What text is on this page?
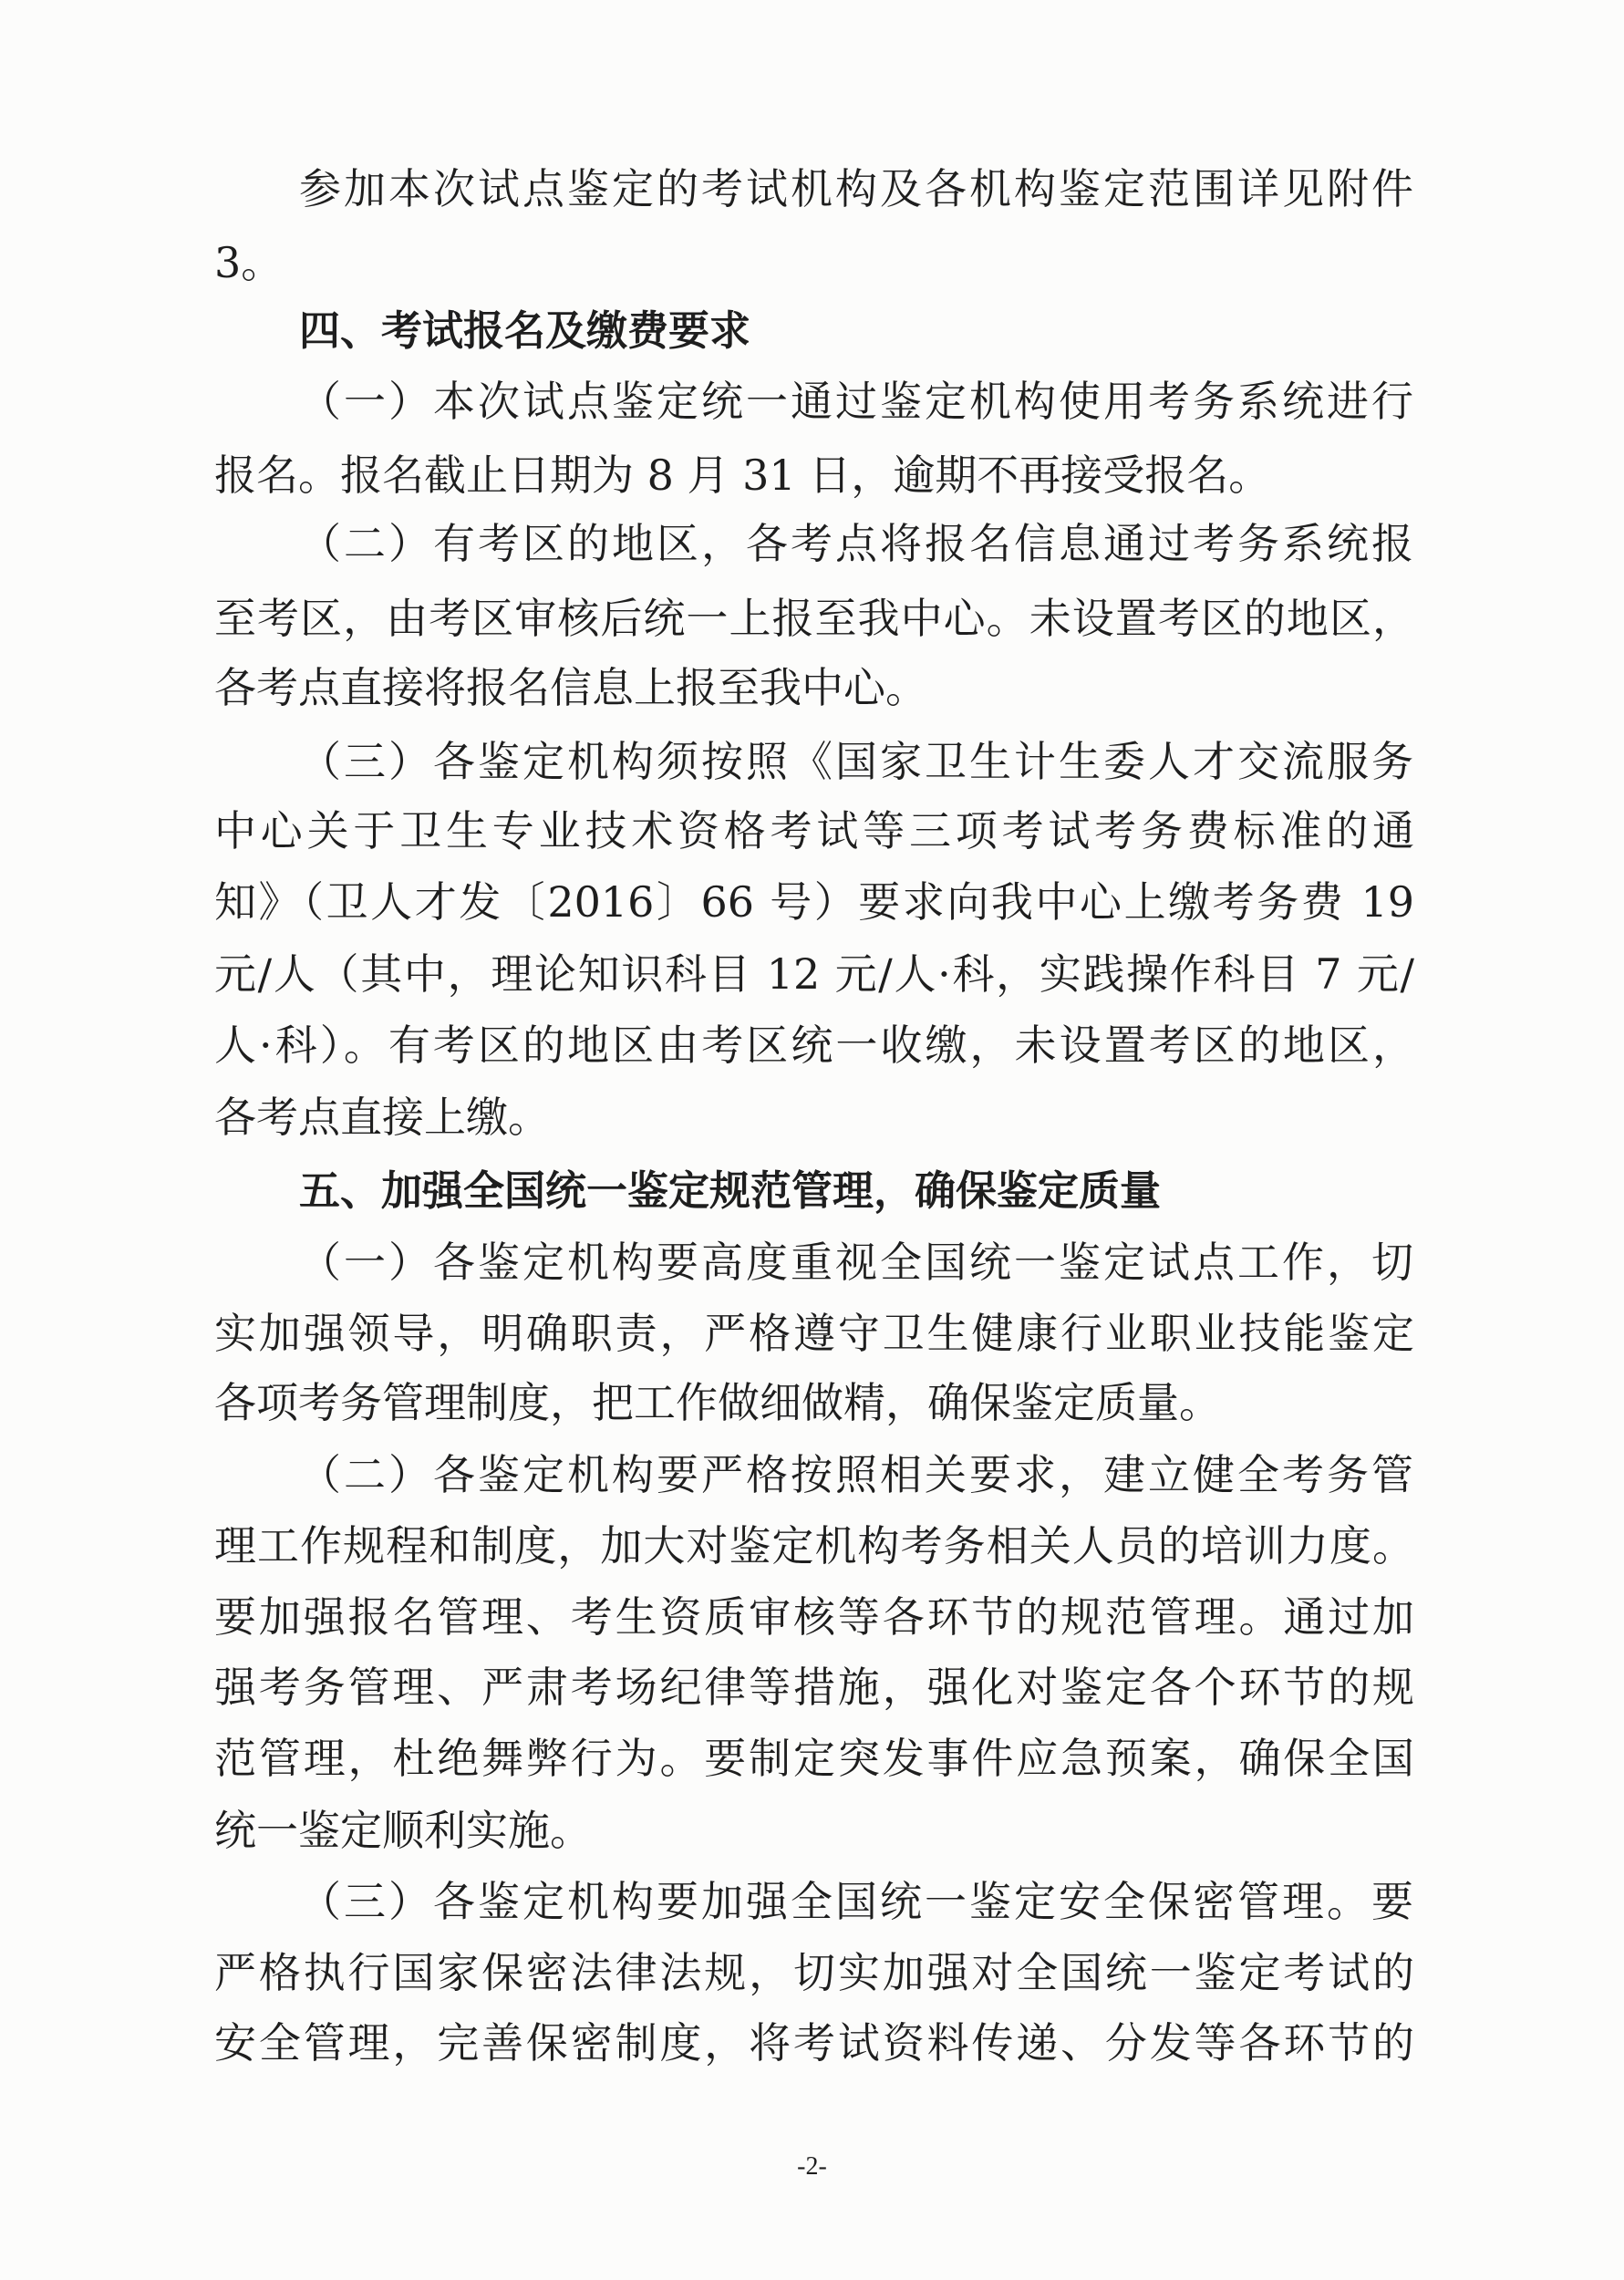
参加本次试点鉴定的考试机构及各机构鉴定范围详见附件
3。
四、考试报名及缴费要求
（一）本次试点鉴定统一通过鉴定机构使用考务系统进行
报名。报名截止日期为 8 月 31 日，逾期不再接受报名。
（二）有考区的地区，各考点将报名信息通过考务系统报
至考区，由考区审核后统一上报至我中心。未设置考区的地区，
各考点直接将报名信息上报至我中心。
（三）各鉴定机构须按照《国家卫生计生委人才交流服务
中心关于卫生专业技术资格考试等三项考试考务费标准的通
知》（卫人才发〔2016〕66 号）要求向我中心上缴考务费 19
元/人（其中，理论知识科目 12 元/人·科，实践操作科目 7 元/
人·科）。有考区的地区由考区统一收缴，未设置考区的地区，
各考点直接上缴。
五、加强全国统一鉴定规范管理，确保鉴定质量
（一）各鉴定机构要高度重视全国统一鉴定试点工作，切
实加强领导，明确职责，严格遵守卫生健康行业职业技能鉴定
各项考务管理制度，把工作做细做精，确保鉴定质量。
（二）各鉴定机构要严格按照相关要求，建立健全考务管
理工作规程和制度，加大对鉴定机构考务相关人员的培训力度。
要加强报名管理、考生资质审核等各环节的规范管理。通过加
强考务管理、严肃考场纪律等措施，强化对鉴定各个环节的规
范管理，杜绝舞弊行为。要制定突发事件应急预案，确保全国
统一鉴定顺利实施。
（三）各鉴定机构要加强全国统一鉴定安全保密管理。要
严格执行国家保密法律法规，切实加强对全国统一鉴定考试的
安全管理，完善保密制度，将考试资料传递、分发等各环节的
-2-
